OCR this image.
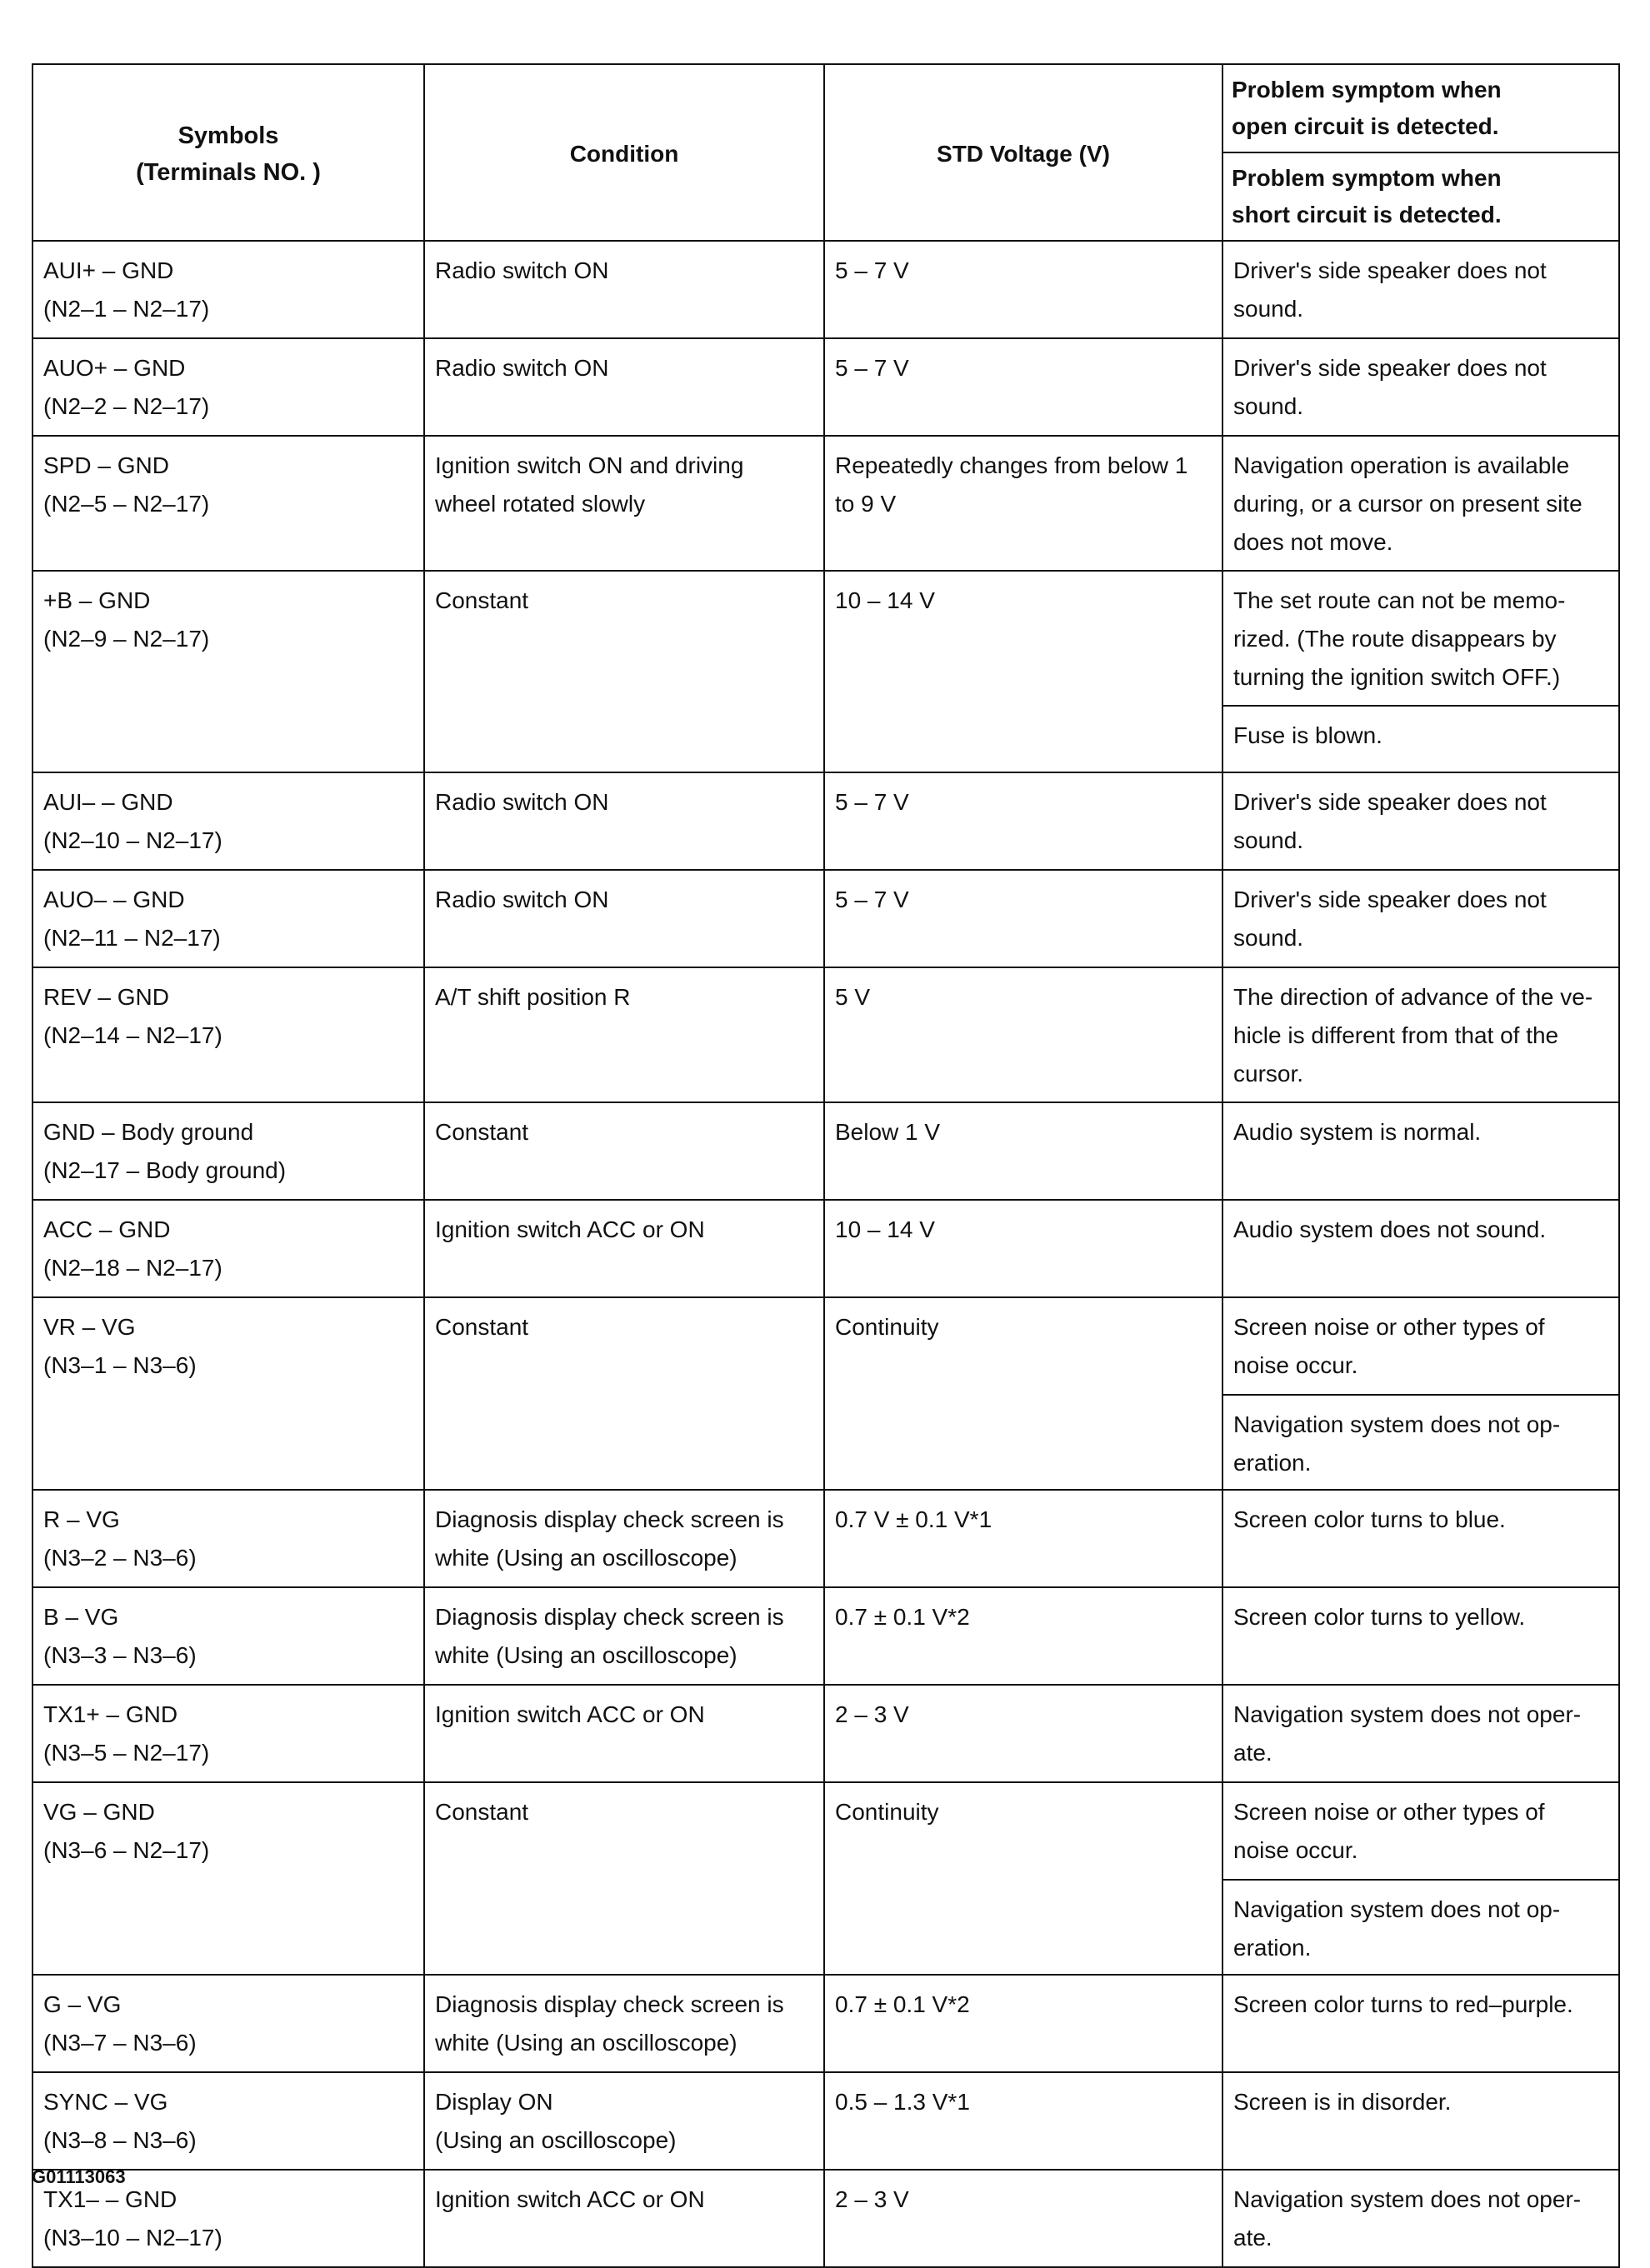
Symbols
(Terminals NO. )	Condition	STD Voltage (V)	Problem symptom when
open circuit is detected.
			Problem symptom when
short circuit is detected.

AUI+ – GND
(N2–1 – N2–17)	Radio switch ON	5 – 7 V	Driver's side speaker does not
sound.

AUO+ – GND
(N2–2 – N2–17)	Radio switch ON	5 – 7 V	Driver's side speaker does not
sound.

SPD – GND
(N2–5 – N2–17)	Ignition switch ON and driving
wheel rotated slowly	Repeatedly changes from below 1
to 9 V	Navigation operation is available
during, or a cursor on present site
does not move.

+B – GND
(N2–9 – N2–17)	Constant	10 – 14 V	The set route can not be memo-
rized. (The route disappears by
turning the ignition switch OFF.)
			Fuse is blown.

AUI– – GND
(N2–10 – N2–17)	Radio switch ON	5 – 7 V	Driver's side speaker does not
sound.

AUO– – GND
(N2–11 – N2–17)	Radio switch ON	5 – 7 V	Driver's side speaker does not
sound.

REV – GND
(N2–14 – N2–17)	A/T shift position R	5 V	The direction of advance of the ve-
hicle is different from that of the
cursor.

GND – Body ground
(N2–17 – Body ground)	Constant	Below 1 V	Audio system is normal.

ACC – GND
(N2–18 – N2–17)	Ignition switch ACC or ON	10 – 14 V	Audio system does not sound.

VR – VG
(N3–1 – N3–6)	Constant	Continuity	Screen noise or other types of
noise occur.
			Navigation system does not op-
eration.

R – VG
(N3–2 – N3–6)	Diagnosis display check screen is
white (Using an oscilloscope)	0.7 V ± 0.1 V*1	Screen color turns to blue.

B – VG
(N3–3 – N3–6)	Diagnosis display check screen is
white (Using an oscilloscope)	0.7 ± 0.1 V*2	Screen color turns to yellow.

TX1+ – GND
(N3–5 – N2–17)	Ignition switch ACC or ON	2 – 3 V	Navigation system does not oper-
ate.

VG – GND
(N3–6 – N2–17)	Constant	Continuity	Screen noise or other types of
noise occur.
			Navigation system does not op-
eration.

G – VG
(N3–7 – N3–6)	Diagnosis display check screen is
white (Using an oscilloscope)	0.7 ± 0.1 V*2	Screen color turns to red–purple.

SYNC – VG
(N3–8 – N3–6)	Display ON
(Using an oscilloscope)	0.5 – 1.3 V*1	Screen is in disorder.

TX1– – GND
(N3–10 – N2–17)	Ignition switch ACC or ON	2 – 3 V	Navigation system does not oper-
ate.
G01113063
